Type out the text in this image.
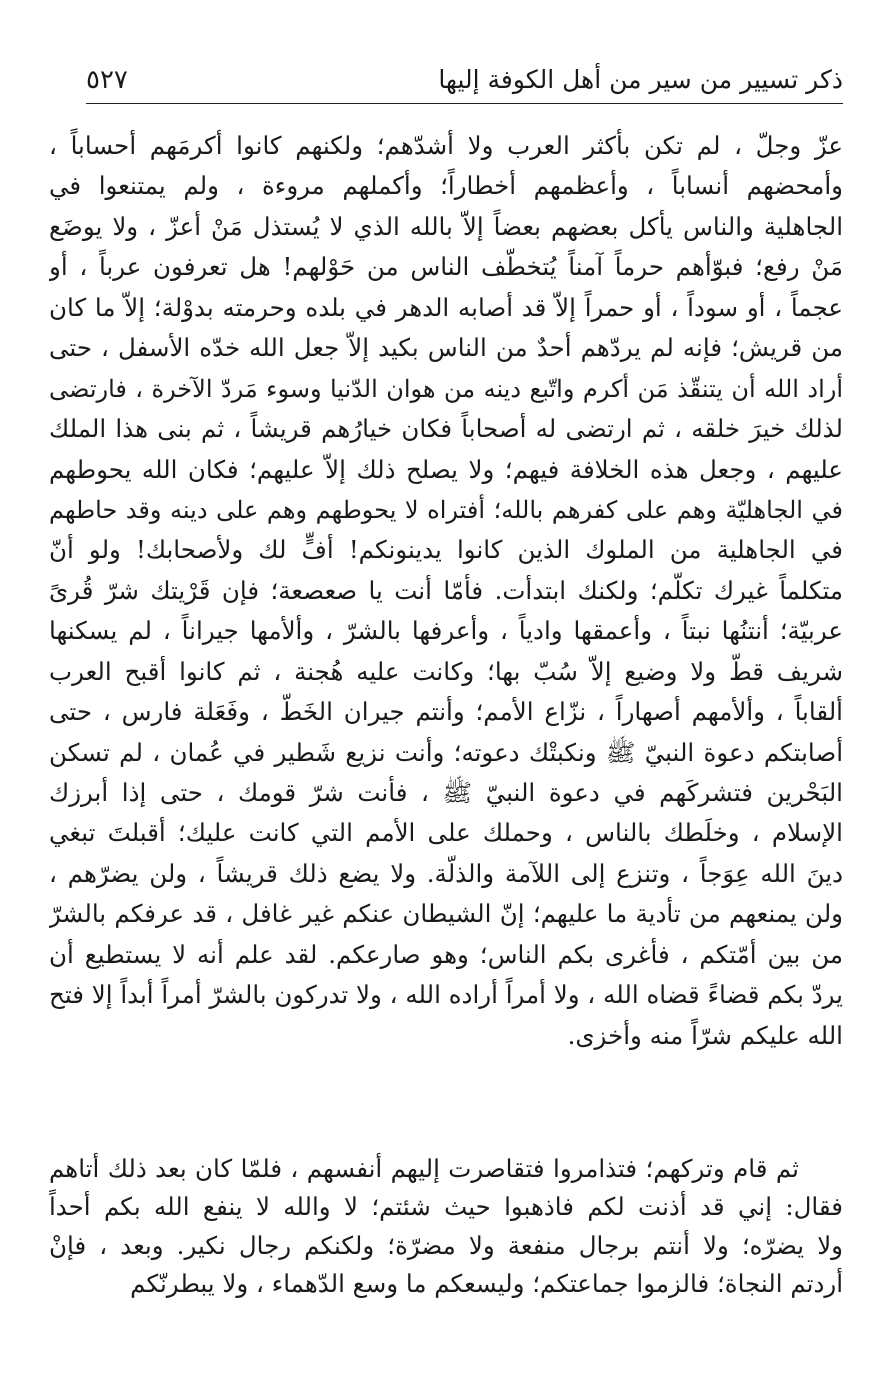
ذكر تسيير من سير من أهل الكوفة إليها
٥٢٧
عزّ وجلّ ، لم تكن بأكثر العرب ولا أشدّهم؛ ولكنهم كانوا أكرمَهم أحساباً ،
وأمحضهم أنساباً ، وأعظمهم أخطاراً؛ وأكملهم مروءة ، ولم يمتنعوا في
الجاهلية والناس يأكل بعضهم بعضاً إلاّ بالله الذي لا يُستذل مَنْ أعزّ ، ولا يوضَع
مَنْ رفع؛ فبوّأهم حرماً آمناً يُتخطّف الناس من حَوْلهم! هل تعرفون عرباً ، أو
عجماً ، أو سوداً ، أو حمراً إلاّ قد أصابه الدهر في بلده وحرمته بدوْلة؛ إلاّ ما كان
من قريش؛ فإنه لم يردّهم أحدٌ من الناس بكيد إلاّ جعل الله خدّه الأسفل ، حتى
أراد الله أن يتنقّذ مَن أكرم واتّبع دينه من هوان الدّنيا وسوء مَردّ الآخرة ، فارتضى
لذلك خيرَ خلقه ، ثم ارتضى له أصحاباً فكان خيارُهم قريشاً ، ثم بنى هذا الملك
عليهم ، وجعل هذه الخلافة فيهم؛ ولا يصلح ذلك إلاّ عليهم؛ فكان الله يحوطهم
في الجاهليّة وهم على كفرهم بالله؛ أفتراه لا يحوطهم وهم على دينه وقد حاطهم
في الجاهلية من الملوك الذين كانوا يدينونكم! أفٍّ لك ولأصحابك! ولو أنّ
متكلماً غيرك تكلّم؛ ولكنك ابتدأت. فأمّا أنت يا صعصعة؛ فإن قَرْيتك شرّ قُرىً
عربيّة؛ أنتنُها نبتاً ، وأعمقها وادياً ، وأعرفها بالشرّ ، وألأمها جيراناً ، لم يسكنها
شريف قطّ ولا وضيع إلاّ سُبّ بها؛ وكانت عليه هُجنة ، ثم كانوا أقبح العرب
ألقاباً ، وألأمهم أصهاراً ، نزّاع الأمم؛ وأنتم جيران الخَطّ ، وفَعَلة فارس ، حتى
أصابتكم دعوة النبيّ ﷺ ونكبتْك دعوته؛ وأنت نزيع شَطير في عُمان ، لم تسكن
البَحْرين فتشركَهم في دعوة النبيّ ﷺ ، فأنت شرّ قومك ، حتى إذا أبرزك
الإسلام ، وخلَطك بالناس ، وحملك على الأمم التي كانت عليك؛ أقبلتَ تبغي
دينَ الله عِوَجاً ، وتنزع إلى اللآمة والذلّة. ولا يضع ذلك قريشاً ، ولن يضرّهم ،
ولن يمنعهم من تأدية ما عليهم؛ إنّ الشيطان عنكم غير غافل ، قد عرفكم بالشرّ
من بين أمّتكم ، فأغرى بكم الناس؛ وهو صارعكم. لقد علم أنه لا يستطيع أن
يردّ بكم قضاءً قضاه الله ، ولا أمراً أراده الله ، ولا تدركون بالشرّ أمراً أبداً إلا فتح
الله عليكم شرّاً منه وأخزى.
ثم قام وتركهم؛ فتذامروا فتقاصرت إليهم أنفسهم ، فلمّا كان بعد ذلك أتاهم
فقال: إني قد أذنت لكم فاذهبوا حيث شئتم؛ لا والله لا ينفع الله بكم أحداً
ولا يضرّه؛ ولا أنتم برجال منفعة ولا مضرّة؛ ولكنكم رجال نكير. وبعد ، فإنْ
أردتم النجاة؛ فالزموا جماعتكم؛ وليسعكم ما وسع الدّهماء ، ولا يبطرنّكم
